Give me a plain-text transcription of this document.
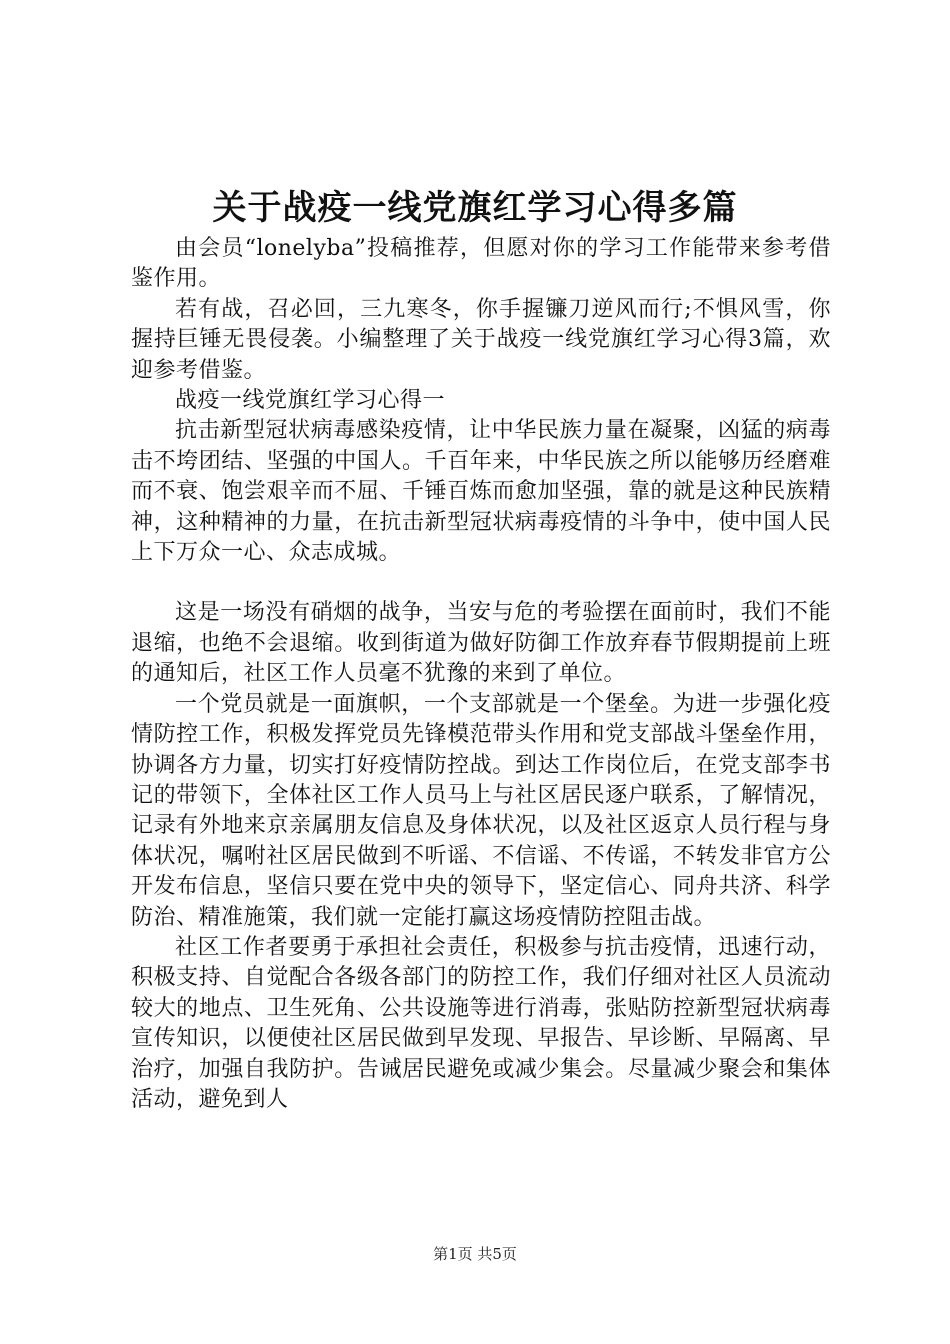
关于战疫一线党旗红学习心得多篇

由会员“lonelyba”投稿推荐，但愿对你的学习工作能带来参考借鉴作用。

若有战，召必回，三九寒冬，你手握镰刀逆风而行;不惧风雪，你握持巨锤无畏侵袭。小编整理了关于战疫一线党旗红学习心得3篇，欢迎参考借鉴。

战疫一线党旗红学习心得一

抗击新型冠状病毒感染疫情，让中华民族力量在凝聚，凶猛的病毒击不垮团结、坚强的中国人。千百年来，中华民族之所以能够历经磨难而不衰、饱尝艰辛而不屈、千锤百炼而愈加坚强，靠的就是这种民族精神，这种精神的力量，在抗击新型冠状病毒疫情的斗争中，使中国人民上下万众一心、众志成城。

这是一场没有硝烟的战争，当安与危的考验摆在面前时，我们不能退缩，也绝不会退缩。收到街道为做好防御工作放弃春节假期提前上班的通知后，社区工作人员毫不犹豫的来到了单位。

一个党员就是一面旗帜，一个支部就是一个堡垒。为进一步强化疫情防控工作，积极发挥党员先锋模范带头作用和党支部战斗堡垒作用，协调各方力量，切实打好疫情防控战。到达工作岗位后，在党支部李书记的带领下，全体社区工作人员马上与社区居民逐户联系，了解情况，记录有外地来京亲属朋友信息及身体状况，以及社区返京人员行程与身体状况，嘱咐社区居民做到不听谣、不信谣、不传谣，不转发非官方公开发布信息，坚信只要在党中央的领导下，坚定信心、同舟共济、科学防治、精准施策，我们就一定能打赢这场疫情防控阻击战。

社区工作者要勇于承担社会责任，积极参与抗击疫情，迅速行动，积极支持、自觉配合各级各部门的防控工作，我们仔细对社区人员流动较大的地点、卫生死角、公共设施等进行消毒，张贴防控新型冠状病毒宣传知识，以便使社区居民做到早发现、早报告、早诊断、早隔离、早治疗，加强自我防护。告诫居民避免或减少集会。尽量减少聚会和集体活动，避免到人

第1页 共5页
